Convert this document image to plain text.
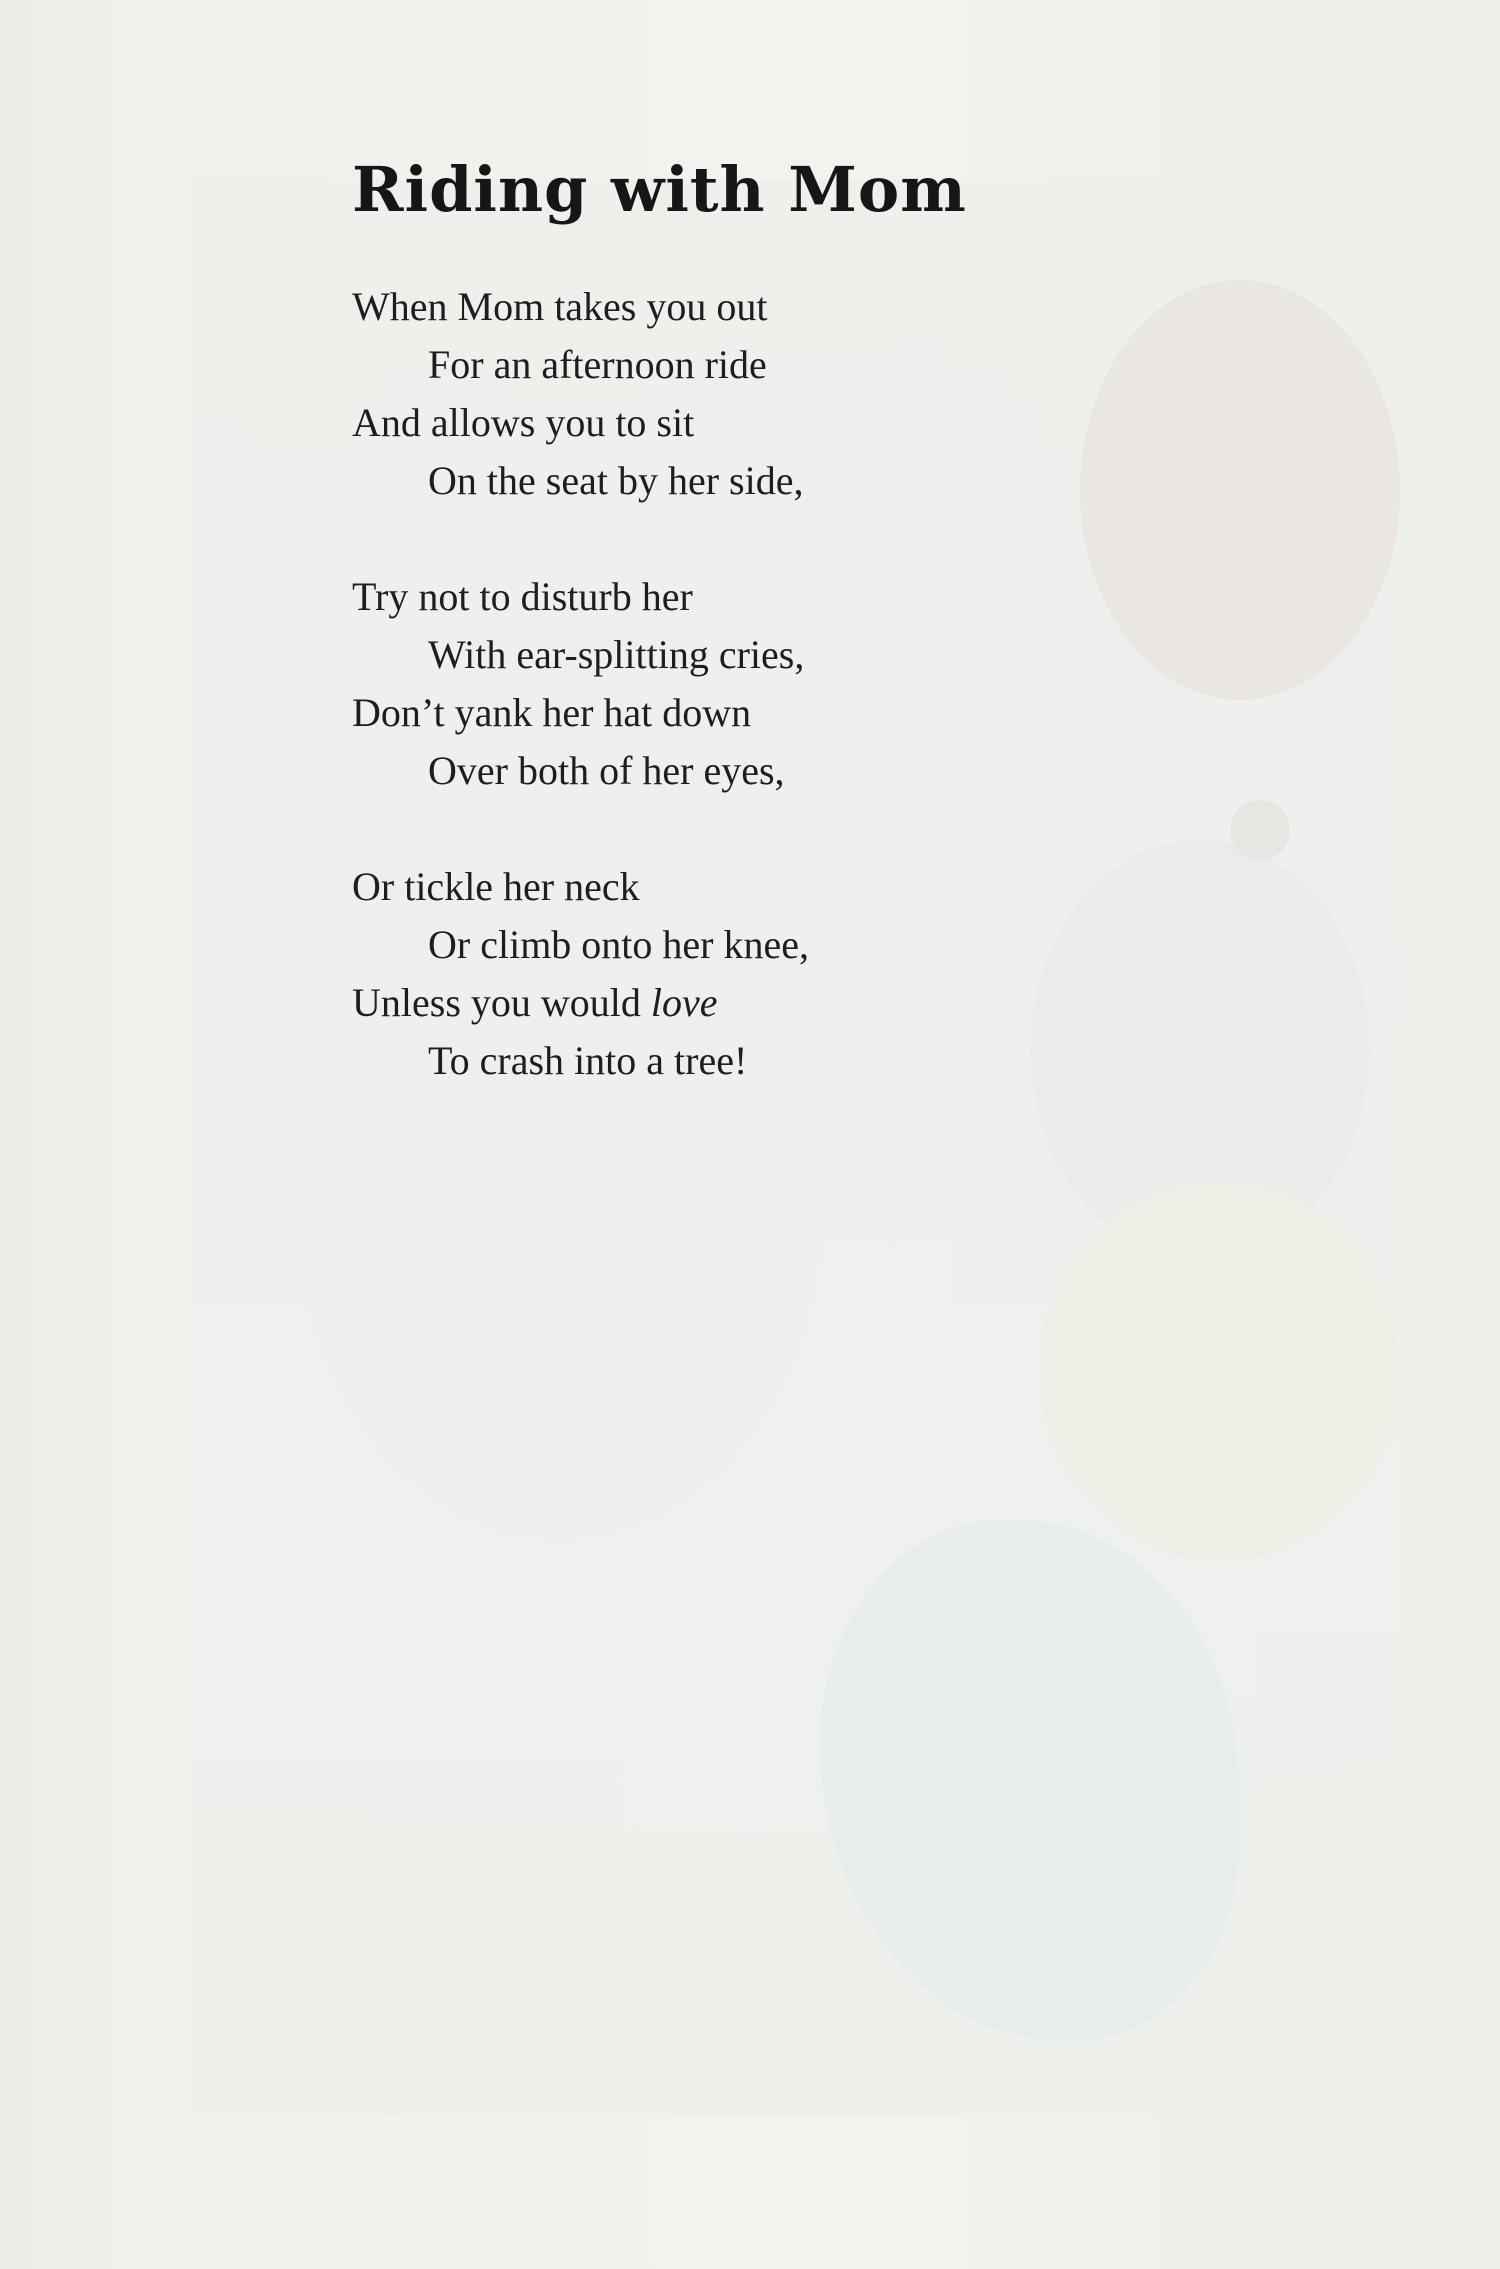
Riding with Mom
When Mom takes you out
For an afternoon ride
And allows you to sit
On the seat by her side,
Try not to disturb her
With ear-splitting cries,
Don’t yank her hat down
Over both of her eyes,
Or tickle her neck
Or climb onto her knee,
Unless you would love
To crash into a tree!
